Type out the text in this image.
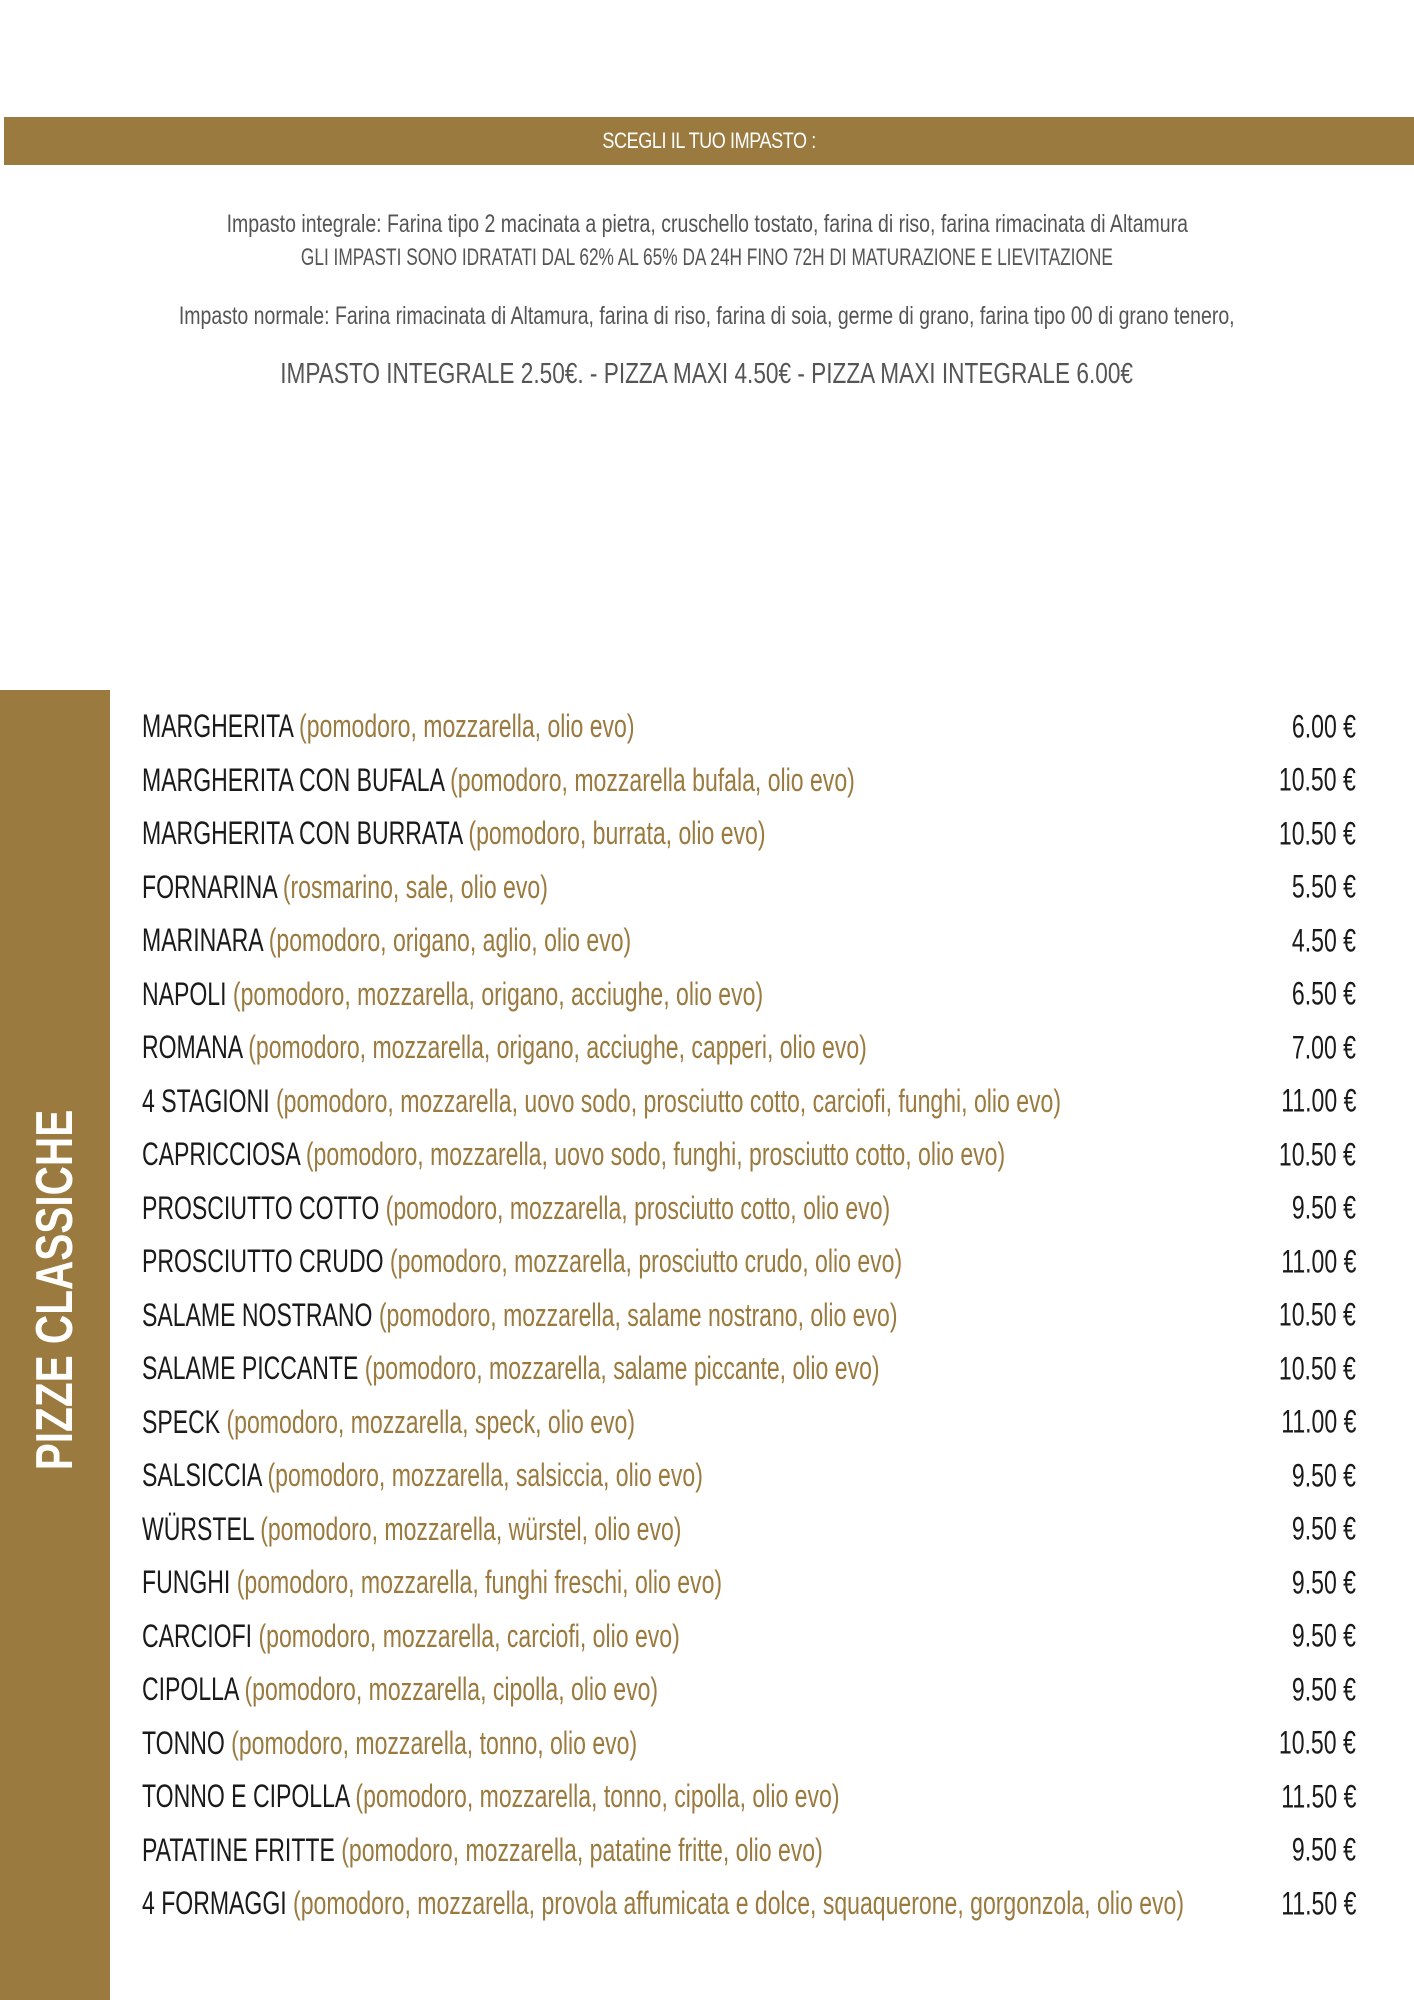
SCEGLI IL TUO IMPASTO :
Impasto integrale: Farina tipo 2 macinata a pietra, cruschello tostato, farina di riso, farina rimacinata di Altamura
GLI IMPASTI SONO IDRATATI DAL 62% AL 65% DA 24H FINO 72H DI MATURAZIONE E LIEVITAZIONE
Impasto normale: Farina rimacinata di Altamura, farina di riso, farina di soia, germe di grano, farina tipo 00 di grano tenero,
IMPASTO INTEGRALE 2.50€. - PIZZA MAXI 4.50€ - PIZZA MAXI INTEGRALE 6.00€
PIZZE CLASSICHE
MARGHERITA (pomodoro, mozzarella, olio evo)	6.00 €
MARGHERITA CON BUFALA (pomodoro, mozzarella bufala, olio evo)	10.50 €
MARGHERITA CON BURRATA (pomodoro, burrata, olio evo)	10.50 €
FORNARINA (rosmarino, sale, olio evo)	5.50 €
MARINARA (pomodoro, origano, aglio, olio evo)	4.50 €
NAPOLI (pomodoro, mozzarella, origano, acciughe, olio evo)	6.50 €
ROMANA (pomodoro, mozzarella, origano, acciughe, capperi, olio evo)	7.00 €
4 STAGIONI (pomodoro, mozzarella, uovo sodo, prosciutto cotto, carciofi, funghi, olio evo)	11.00 €
CAPRICCIOSA (pomodoro, mozzarella, uovo sodo, funghi, prosciutto cotto, olio evo)	10.50 €
PROSCIUTTO COTTO (pomodoro, mozzarella, prosciutto cotto, olio evo)	9.50 €
PROSCIUTTO CRUDO (pomodoro, mozzarella, prosciutto crudo, olio evo)	11.00 €
SALAME NOSTRANO (pomodoro, mozzarella, salame nostrano, olio evo)	10.50 €
SALAME PICCANTE (pomodoro, mozzarella, salame piccante, olio evo)	10.50 €
SPECK (pomodoro, mozzarella, speck, olio evo)	11.00 €
SALSICCIA (pomodoro, mozzarella, salsiccia, olio evo)	9.50 €
WÜRSTEL (pomodoro, mozzarella, würstel, olio evo)	9.50 €
FUNGHI (pomodoro, mozzarella, funghi freschi, olio evo)	9.50 €
CARCIOFI (pomodoro, mozzarella, carciofi, olio evo)	9.50 €
CIPOLLA (pomodoro, mozzarella, cipolla, olio evo)	9.50 €
TONNO (pomodoro, mozzarella, tonno, olio evo)	10.50 €
TONNO E CIPOLLA (pomodoro, mozzarella, tonno, cipolla, olio evo)	11.50 €
PATATINE FRITTE (pomodoro, mozzarella, patatine fritte, olio evo)	9.50 €
4 FORMAGGI (pomodoro, mozzarella, provola affumicata e dolce, squaquerone, gorgonzola, olio evo)	11.50 €
